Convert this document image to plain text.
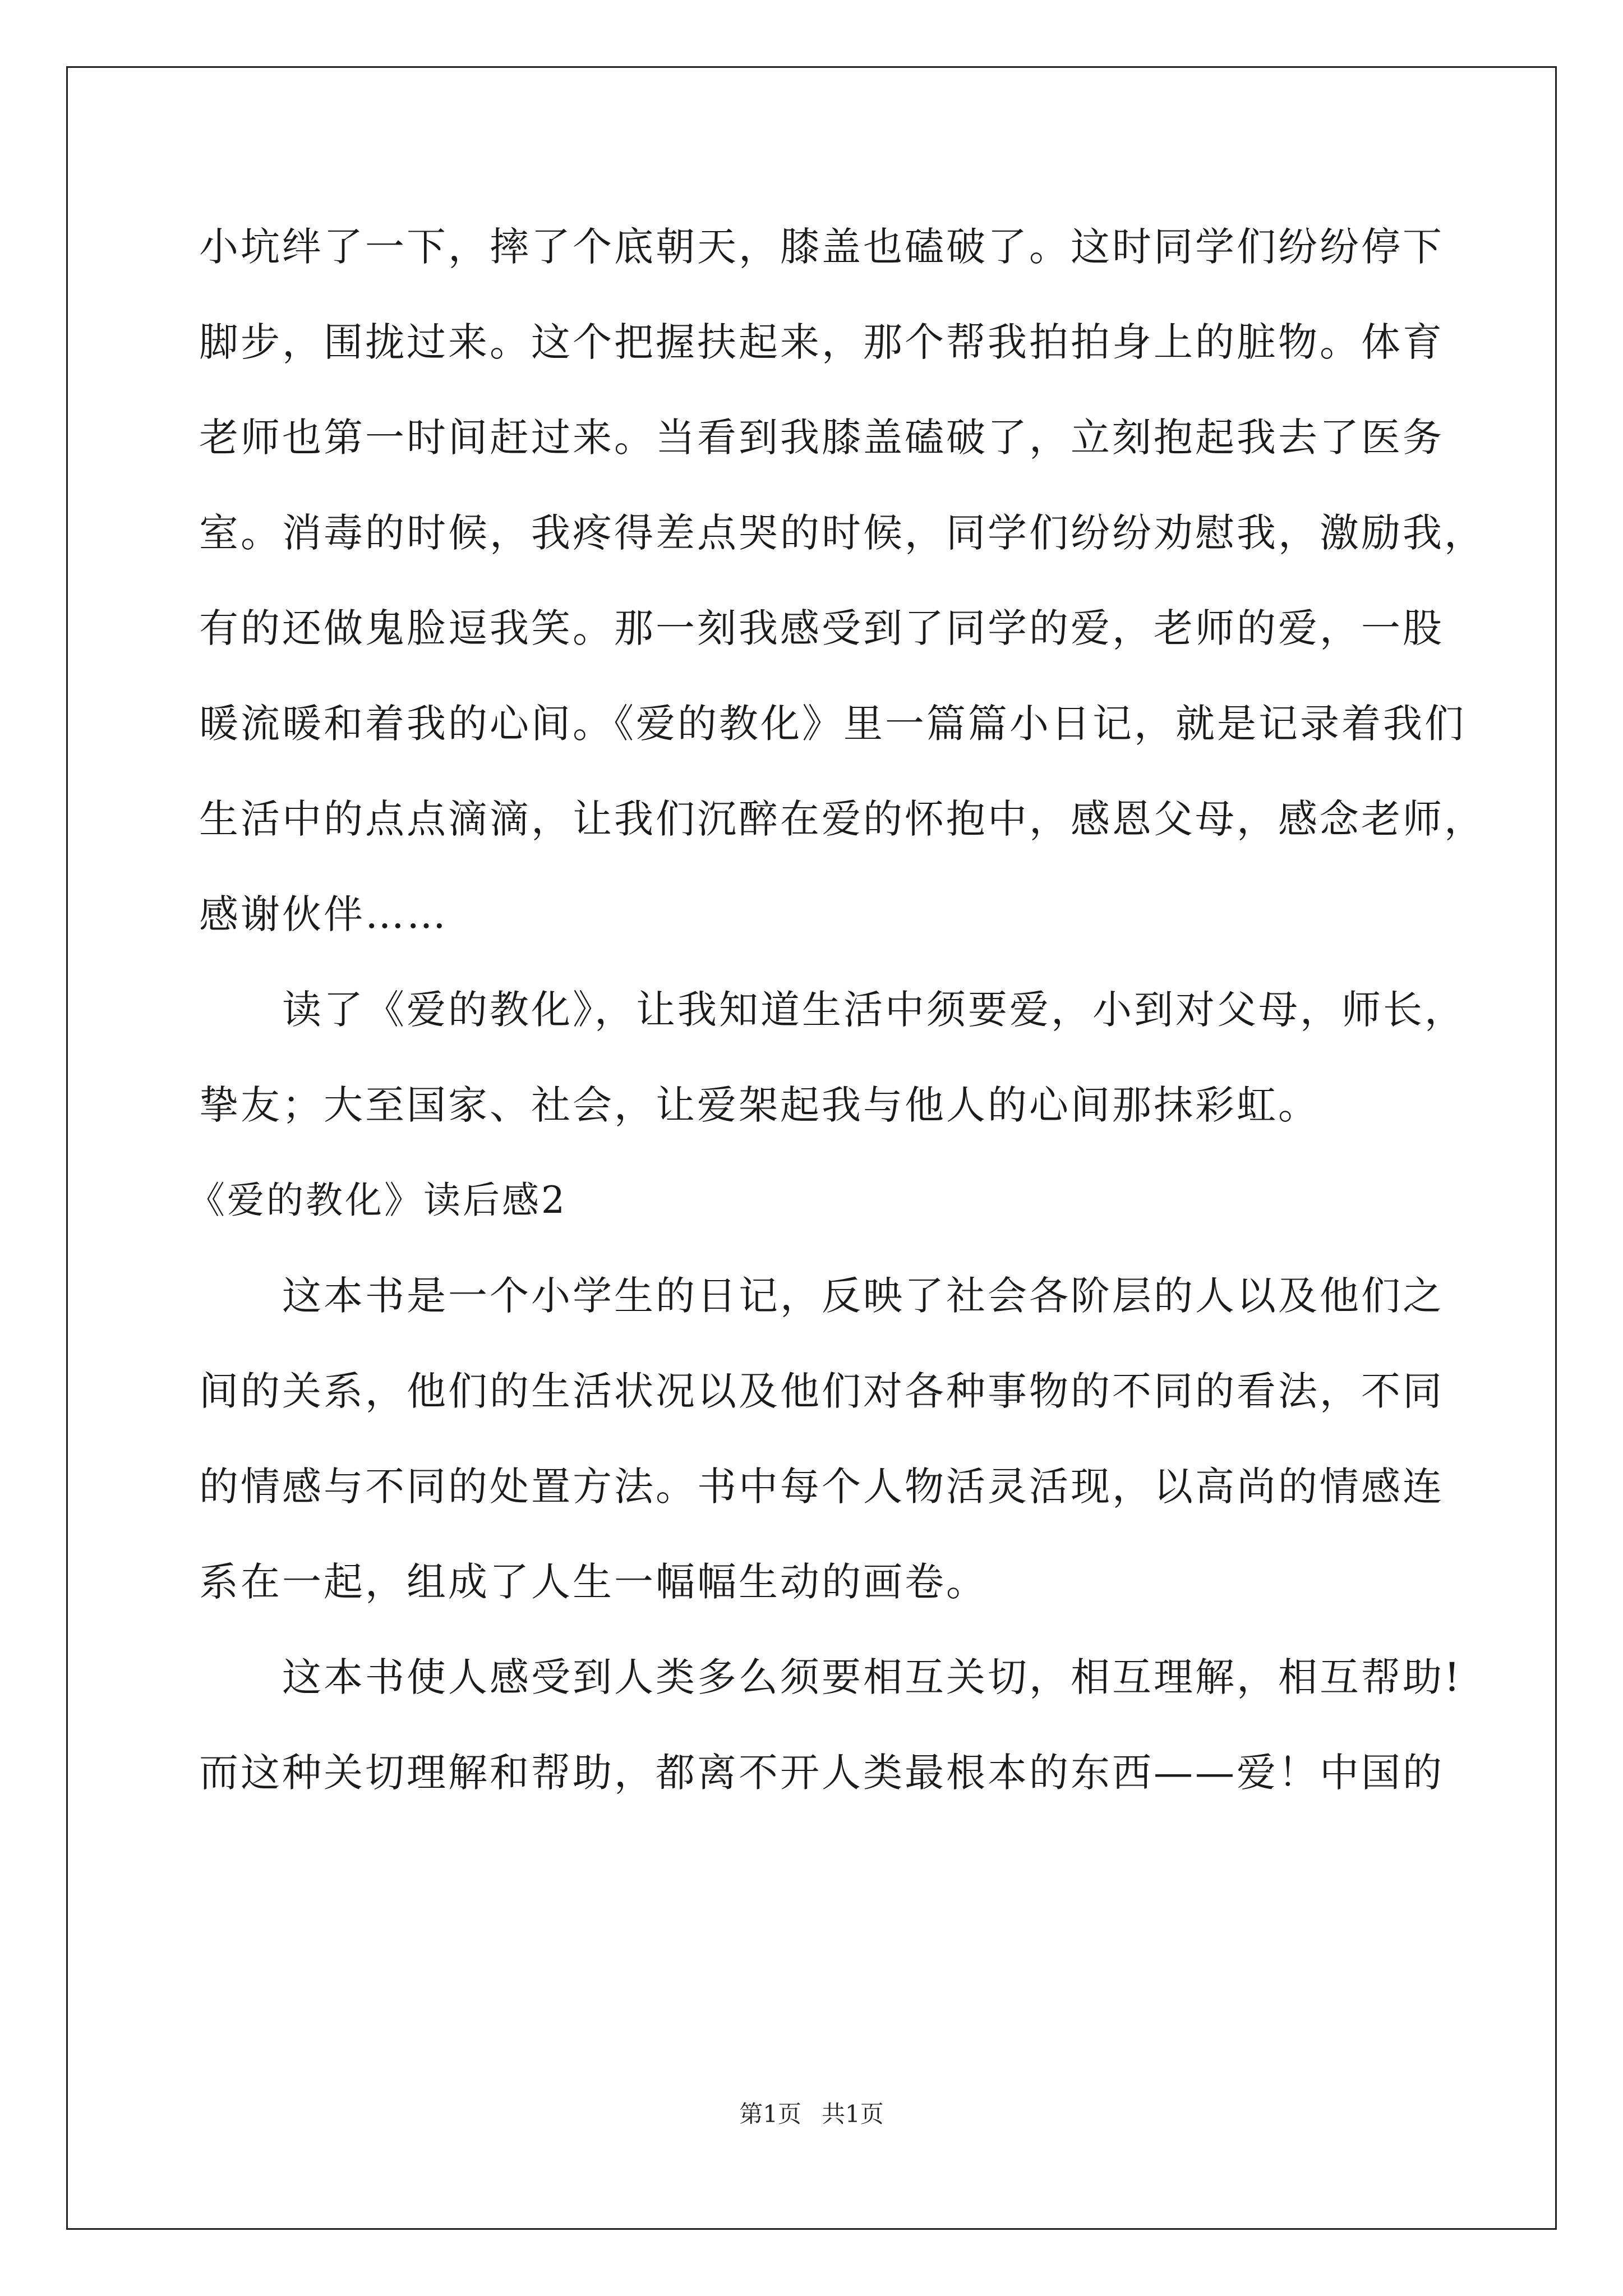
小坑绊了一下，摔了个底朝天，膝盖也磕破了。这时同学们纷纷停下
脚步，围拢过来。这个把握扶起来，那个帮我拍拍身上的脏物。体育
老师也第一时间赶过来。当看到我膝盖磕破了，立刻抱起我去了医务
室。消毒的时候，我疼得差点哭的时候，同学们纷纷劝慰我，激励我，
有的还做鬼脸逗我笑。那一刻我感受到了同学的爱，老师的爱，一股
暖流暖和着我的心间。《爱的教化》里一篇篇小日记，就是记录着我们
生活中的点点滴滴，让我们沉醉在爱的怀抱中，感恩父母，感念老师，
感谢伙伴……
读了《爱的教化》，让我知道生活中须要爱，小到对父母，师长，
挚友；大至国家、社会，让爱架起我与他人的心间那抹彩虹。
《爱的教化》读后感2
这本书是一个小学生的日记，反映了社会各阶层的人以及他们之
间的关系，他们的生活状况以及他们对各种事物的不同的看法，不同
的情感与不同的处置方法。书中每个人物活灵活现，以高尚的情感连
系在一起，组成了人生一幅幅生动的画卷。
这本书使人感受到人类多么须要相互关切，相互理解，相互帮助!
而这种关切理解和帮助，都离不开人类最根本的东西——爱！中国的
第1页 共1页
